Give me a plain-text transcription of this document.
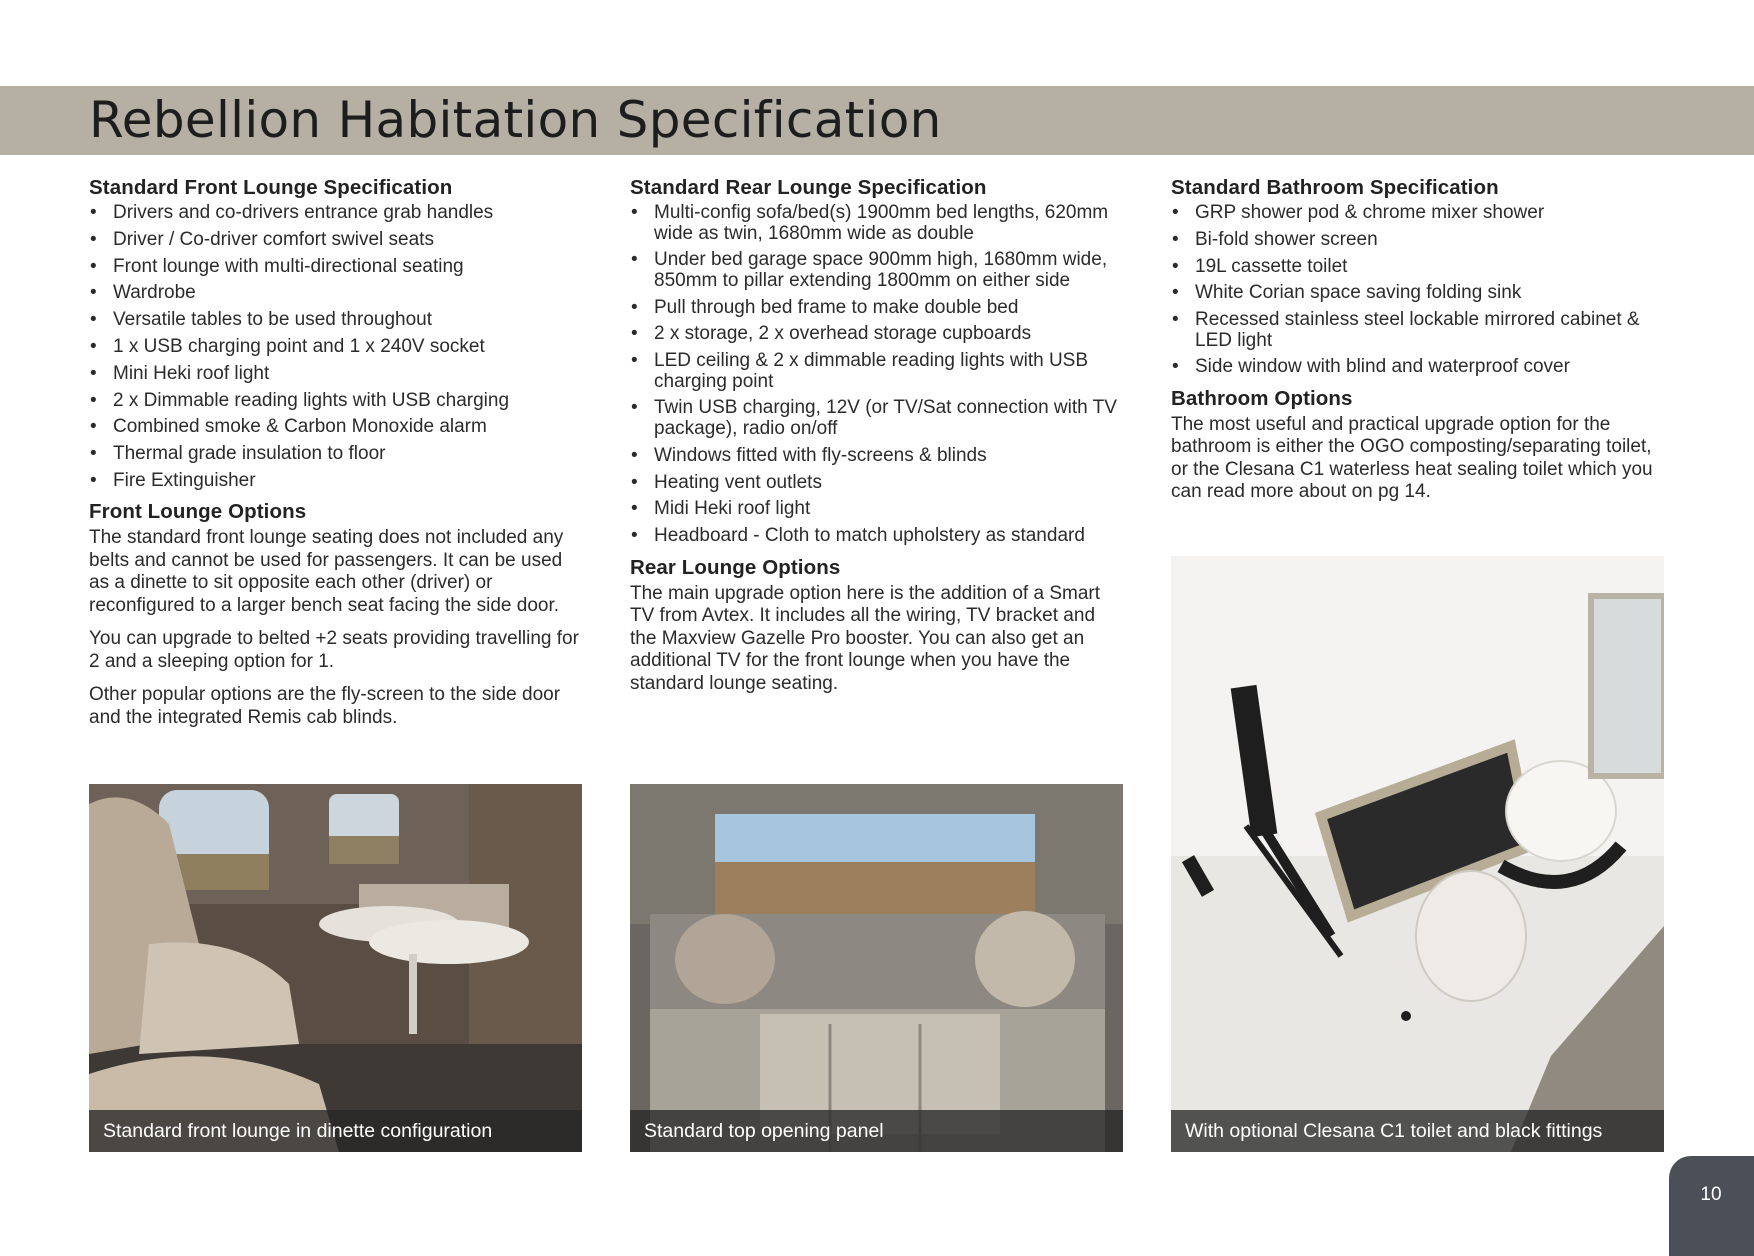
Rebellion Habitation Specification
Standard Front Lounge Specification
• Drivers and co-drivers entrance grab handles
• Driver / Co-driver comfort swivel seats
• Front lounge with multi-directional seating
• Wardrobe
• Versatile tables to be used throughout
• 1 x USB charging point and 1 x 240V socket
• Mini Heki roof light
• 2 x Dimmable reading lights with USB charging
• Combined smoke & Carbon Monoxide alarm
• Thermal grade insulation to floor
• Fire Extinguisher
Front Lounge Options

The standard front lounge seating does not included any belts and cannot be used for passengers. It can be used as a dinette to sit opposite each other (driver) or reconfigured to a larger bench seat facing the side door.

You can upgrade to belted +2 seats providing travelling for 2 and a sleeping option for 1.

Other popular options are the fly-screen to the side door and the integrated Remis cab blinds.

Standard Rear Lounge Specification
• Multi-config sofa/bed(s) 1900mm bed lengths, 620mm wide as twin, 1680mm wide as double
• Under bed garage space 900mm high, 1680mm wide, 850mm to pillar extending 1800mm on either side
• Pull through bed frame to make double bed
• 2 x storage, 2 x overhead storage cupboards
• LED ceiling & 2 x dimmable reading lights with USB charging point
• Twin USB charging, 12V (or TV/Sat connection with TV package), radio on/off
• Windows fitted with fly-screens & blinds
• Heating vent outlets
• Midi Heki roof light
• Headboard - Cloth to match upholstery as standard
Rear Lounge Options

The main upgrade option here is the addition of a Smart TV from Avtex. It includes all the wiring, TV bracket and the Maxview Gazelle Pro booster. You can also get an additional TV for the front lounge when you have the standard lounge seating.

Standard Bathroom Specification
• GRP shower pod & chrome mixer shower
• Bi-fold shower screen
• 19L cassette toilet
• White Corian space saving folding sink
• Recessed stainless steel lockable mirrored cabinet & LED light
• Side window with blind and waterproof cover
Bathroom Options

The most useful and practical upgrade option for the bathroom is either the OGO composting/separating toilet, or the Clesana C1 waterless heat sealing toilet which you can read more about on pg 14.

Standard front lounge in dinette configuration	Standard top opening panel	With optional Clesana C1 toilet and black fittings
10
